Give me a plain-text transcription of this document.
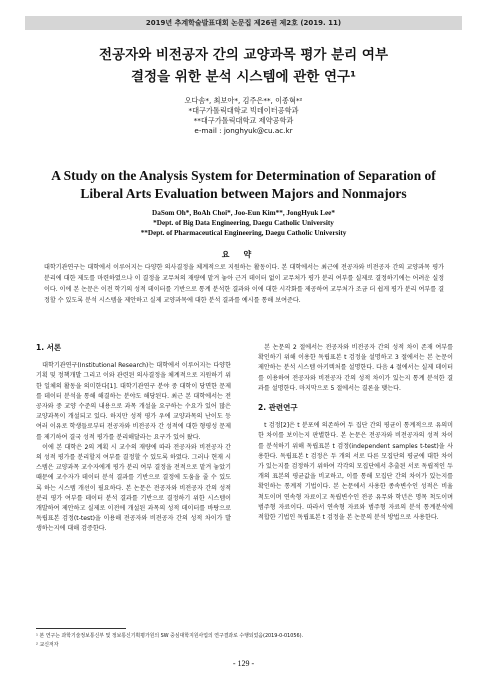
2019년 추계학술발표대회 논문집 제26권 제2호 (2019. 11)
전공자와 비전공자 간의 교양과목 평가 분리 여부
결정을 위한 분석 시스템에 관한 연구¹
오다솜*, 최보아*, 김주은**, 이종혁*²
*대구가톨릭대학교 빅데이터공학과
**대구가톨릭대학교 제약공학과
e-mail : jonghyuk@cu.ac.kr
A Study on the Analysis System for Determination of Separation of
Liberal Arts Evaluation between Majors and Nonmajors
DaSom Oh*, BoAh Choi*, Joo-Eun Kim**, JongHyuk Lee*
*Dept. of Big Data Engineering, Daegu Catholic University
**Dept. of Pharmaceutical Engineering, Daegu Catholic University
요약
대학기관연구는 대학에서 이루어지는 다양한 의사결정을 체계적으로 지원하는 활동이다. 본 대학에서는 최근에 전공자와 비전공자 간의 교양과목 평가 분리에 대한 제도를 마련하였으나 이 결정을 교무처의 재량에 맡겨 놓아 근거 데이터 없이 교무처가 평가 분리 여부를 실제로 결정하기에는 어려운 실정이다. 이에 본 논문은 이전 학기의 성적 데이터를 기반으로 통계 분석한 결과와 이에 대한 시각화를 제공하여 교무처가 조금 더 쉽게 평가 분리 여부를 결정할 수 있도록 분석 시스템을 제안하고 실제 교양과목에 대한 분석 결과를 예시를 통해 보여준다.
1. 서론

대학기관연구(Institutional Research)는 대학에서 이루어지는 다양한 기획 및 정책개발 그리고 이와 관련된 의사결정을 체계적으로 지원하기 위한 일체의 활동을 의미한다[1]. 대학기관연구 분야 중 대학이 당면한 문제를 데이터 분석을 통해 해결하는 분야도 해당된다. 최근 본 대학에서는 전공자와 중 교양 수준의 내용으로 과목 개설을 요구하는 수요가 있어 많은 교양과목이 개설되고 있다. 하지만 성적 평가 우에 교양과목의 난이도 등 여러 이유로 학생들로부터 전공자와 비전공자 간 성적에 대한 형평성 문제를 제기하여 결국 성적 평가를 분리해달라는 요구가 있어 왔다.

이에 본 대학은 2의 계획 시 교수의 재량에 따라 전공자와 비전공자 간의 성적 평가를 분리할지 여부를 결정할 수 있도록 하였다. 그러나 현재 시스템은 교양과목 교수자에게 평가 분리 여부 결정을 전적으로 맡겨 놓았기 때문에 교수자가 데이터 분석 결과를 기반으로 결정에 도움을 줄 수 있도록 하는 시스템 개선이 필요하다. 본 논문은 전공자와 비전공자 간의 성적 분리 평가 여부를 데이터 분석 결과를 기반으로 결정하기 위한 시스템이 개발하여 제안하고 실제로 이전에 개설된 과목의 성적 데이터를 바탕으로 독립표본 검정(t-test)을 이용해 전공자와 비전공자 간의 성적 차이가 발생하는지에 대해 검증한다.

본 논문의 2 절에서는 전공자와 비전공자 간의 성적 차이 존재 여부를 확인하기 위해 이용한 독립표본 t 검정을 설명하고 3 절에서는 본 논문이 제안하는 분석 시스템 아키텍처를 설명한다. 다음 4 절에서는 실제 데이터를 이용하여 전공자와 비전공자 간의 성적 차이가 있는지 통계 분석한 결과를 설명한다. 마지막으로 5 절에서는 결론을 맺는다.

2. 관련연구

t 검정[2]은 t 분포에 의존하여 두 집단 간의 평균이 통계적으로 유의미한 차이를 보이는지 판별한다. 본 논문은 전공자와 비전공자의 성적 차이를 분석하기 위해 독립표본 t 검정(independent samples t-test)을 사용한다. 독립표본 t 검정은 두 개의 서로 다른 모집단의 평균에 대한 차이가 있는지를 검정하기 위하여 각각의 모집단에서 추출된 서로 독립적인 두 개의 표본의 평균값을 비교하고, 이를 통해 모집단 간의 차이가 있는지를 확인하는 통계적 기법이다. 본 논문에서 사용한 종속변수인 성적은 비율 척도이며 연속형 자료이고 독립변수인 전공 유무와 학년은 명목 척도이며 범주형 자료이다. 따라서 연속형 자료와 범주형 자료의 분석 통계분석에 적합한 기법인 독립표본 t 검정을 본 논문의 분석 방법으로 사용한다.

¹ 본 연구는 과학기술정보통신부 및 정보통신기획평가원의 SW 중심대학지원사업의 연구결과로 수행되었음(2019-0-01056).
² 교신저자
- 129 -
